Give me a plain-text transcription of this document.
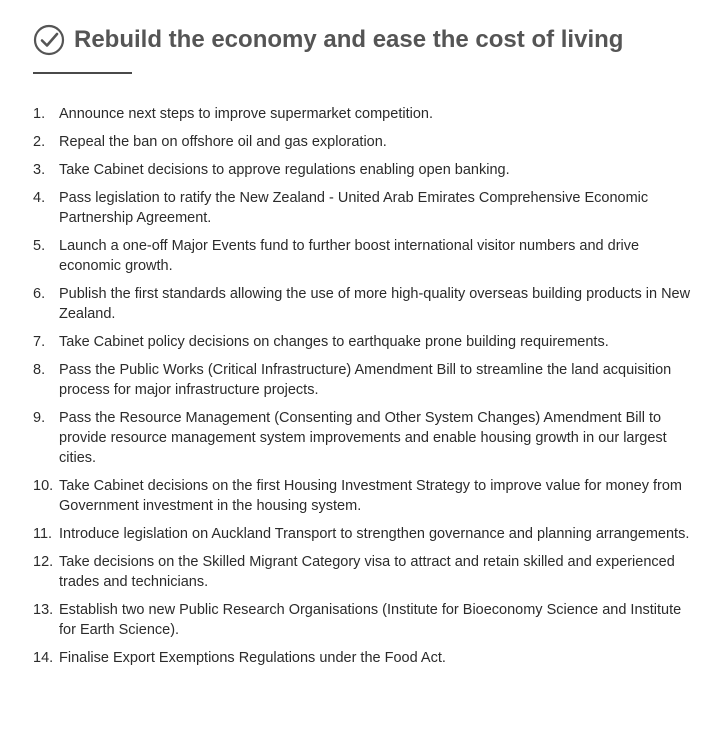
Rebuild the economy and ease the cost of living
1. Announce next steps to improve supermarket competition.
2. Repeal the ban on offshore oil and gas exploration.
3. Take Cabinet decisions to approve regulations enabling open banking.
4. Pass legislation to ratify the New Zealand - United Arab Emirates Comprehensive Economic Partnership Agreement.
5. Launch a one-off Major Events fund to further boost international visitor numbers and drive economic growth.
6. Publish the first standards allowing the use of more high-quality overseas building products in New Zealand.
7. Take Cabinet policy decisions on changes to earthquake prone building requirements.
8. Pass the Public Works (Critical Infrastructure) Amendment Bill to streamline the land acquisition process for major infrastructure projects.
9. Pass the Resource Management (Consenting and Other System Changes) Amendment Bill to provide resource management system improvements and enable housing growth in our largest cities.
10. Take Cabinet decisions on the first Housing Investment Strategy to improve value for money from Government investment in the housing system.
11. Introduce legislation on Auckland Transport to strengthen governance and planning arrangements.
12. Take decisions on the Skilled Migrant Category visa to attract and retain skilled and experienced trades and technicians.
13. Establish two new Public Research Organisations (Institute for Bioeconomy Science and Institute for Earth Science).
14. Finalise Export Exemptions Regulations under the Food Act.
